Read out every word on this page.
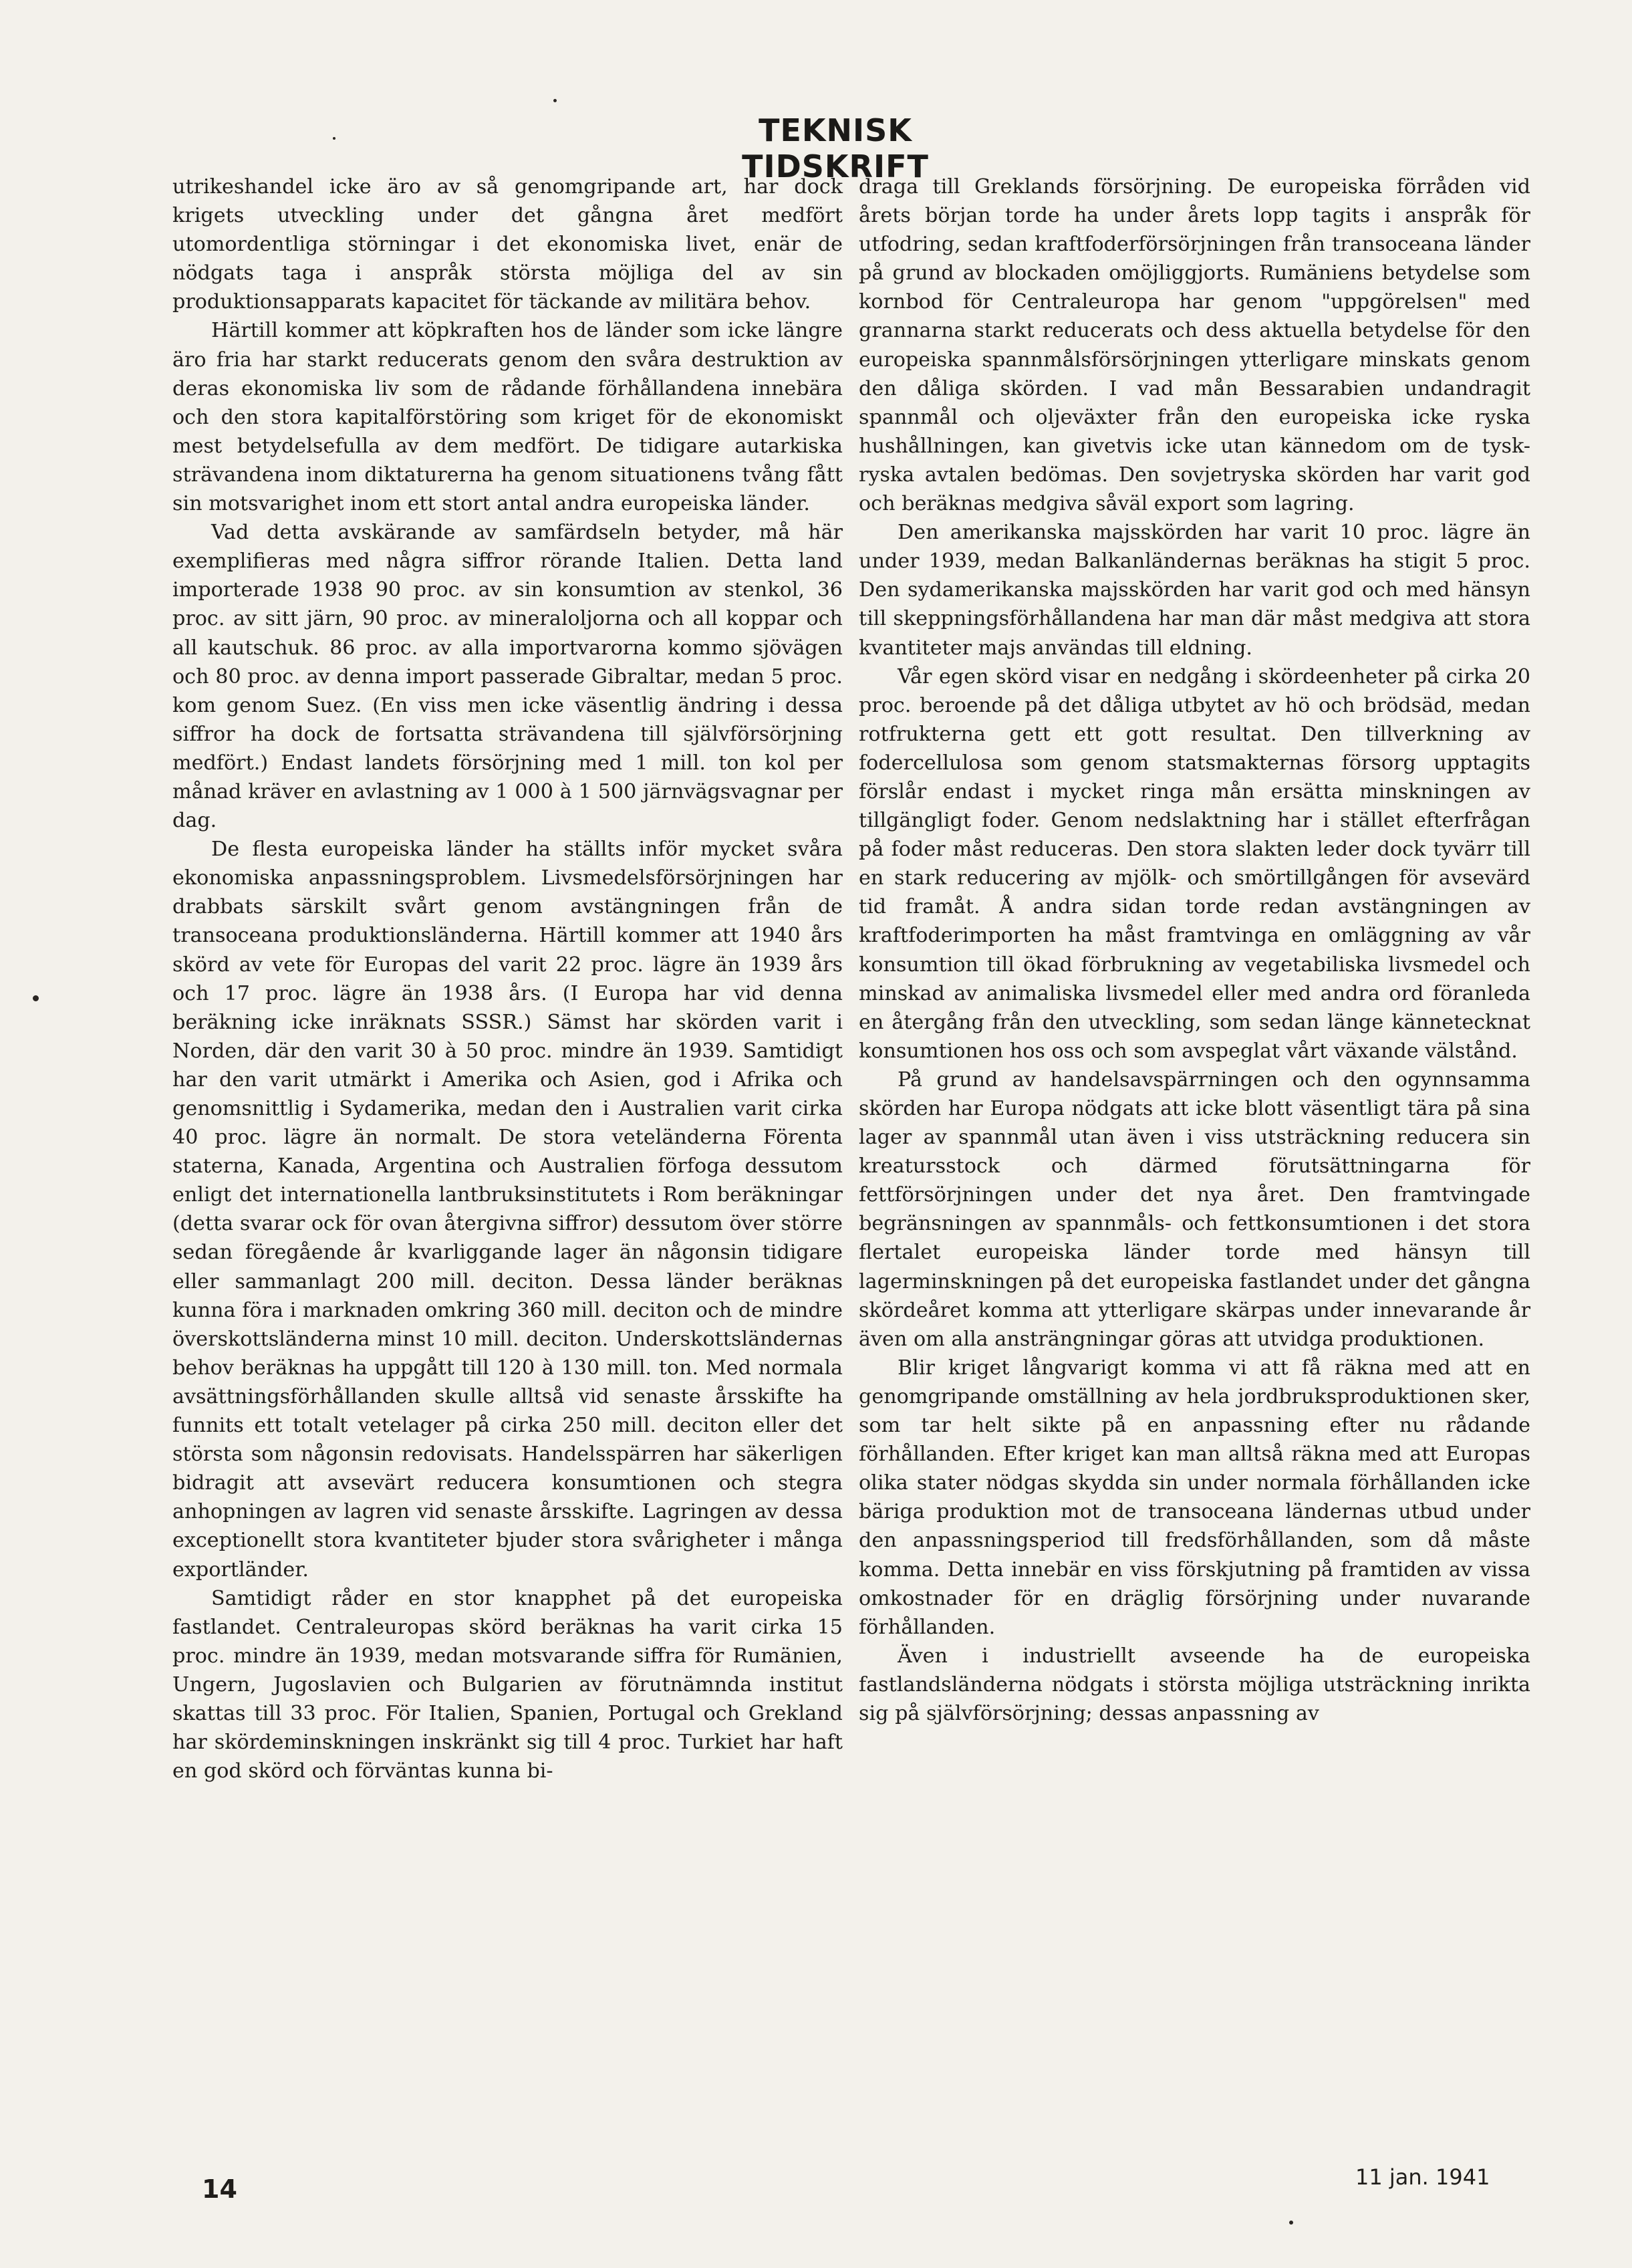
TEKNISK TIDSKRIFT

utrikeshandel icke äro av så genomgripande art, har dock krigets utveckling under det gångna året medfört utomordentliga störningar i det ekonomiska livet, enär de nödgats taga i anspråk största möjliga del av sin produktionsapparats kapacitet för täckande av militära behov.

Härtill kommer att köpkraften hos de länder som icke längre äro fria har starkt reducerats genom den svåra destruktion av deras ekonomiska liv som de rådande förhållandena innebära och den stora kapitalförstöring som kriget för de ekonomiskt mest betydelsefulla av dem medfört. De tidigare autarkiska strävandena inom diktaturerna ha genom situationens tvång fått sin motsvarighet inom ett stort antal andra europeiska länder.

Vad detta avskärande av samfärdseln betyder, må här exemplifieras med några siffror rörande Italien. Detta land importerade 1938 90 proc. av sin konsumtion av stenkol, 36 proc. av sitt järn, 90 proc. av mineraloljorna och all koppar och all kautschuk. 86 proc. av alla importvarorna kommo sjövägen och 80 proc. av denna import passerade Gibraltar, medan 5 proc. kom genom Suez. (En viss men icke väsentlig ändring i dessa siffror ha dock de fortsatta strävandena till självförsörjning medfört.) Endast landets försörjning med 1 mill. ton kol per månad kräver en avlastning av 1 000 à 1 500 järnvägsvagnar per dag.

De flesta europeiska länder ha ställts inför mycket svåra ekonomiska anpassningsproblem. Livsmedelsförsörjningen har drabbats särskilt svårt genom avstängningen från de transoceana produktionsländerna. Härtill kommer att 1940 års skörd av vete för Europas del varit 22 proc. lägre än 1939 års och 17 proc. lägre än 1938 års. (I Europa har vid denna beräkning icke inräknats SSSR.) Sämst har skörden varit i Norden, där den varit 30 à 50 proc. mindre än 1939. Samtidigt har den varit utmärkt i Amerika och Asien, god i Afrika och genomsnittlig i Sydamerika, medan den i Australien varit cirka 40 proc. lägre än normalt. De stora veteländerna Förenta staterna, Kanada, Argentina och Australien förfoga dessutom enligt det internationella lantbruksinstitutets i Rom beräkningar (detta svarar ock för ovan återgivna siffror) dessutom över större sedan föregående år kvarliggande lager än någonsin tidigare eller sammanlagt 200 mill. deciton. Dessa länder beräknas kunna föra i marknaden omkring 360 mill. deciton och de mindre överskottsländerna minst 10 mill. deciton. Underskottsländernas behov beräknas ha uppgått till 120 à 130 mill. ton. Med normala avsättningsförhållanden skulle alltså vid senaste årsskifte ha funnits ett totalt vetelager på cirka 250 mill. deciton eller det största som någonsin redovisats. Handelsspärren har säkerligen bidragit att avsevärt reducera konsumtionen och stegra anhopningen av lagren vid senaste årsskifte. Lagringen av dessa exceptionellt stora kvantiteter bjuder stora svårigheter i många exportländer.

Samtidigt råder en stor knapphet på det europeiska fastlandet. Centraleuropas skörd beräknas ha varit cirka 15 proc. mindre än 1939, medan motsvarande siffra för Rumänien, Ungern, Jugoslavien och Bulgarien av förutnämnda institut skattas till 33 proc. För Italien, Spanien, Portugal och Grekland har skördeminskningen inskränkt sig till 4 proc. Turkiet har haft en god skörd och förväntas kunna bi-

draga till Greklands försörjning. De europeiska förråden vid årets början torde ha under årets lopp tagits i anspråk för utfodring, sedan kraftfoderförsörjningen från transoceana länder på grund av blockaden omöjliggjorts. Rumäniens betydelse som kornbod för Centraleuropa har genom "uppgörelsen" med grannarna starkt reducerats och dess aktuella betydelse för den europeiska spannmålsförsörjningen ytterligare minskats genom den dåliga skörden. I vad mån Bessarabien undandragit spannmål och oljeväxter från den europeiska icke ryska hushållningen, kan givetvis icke utan kännedom om de tysk-ryska avtalen bedömas. Den sovjetryska skörden har varit god och beräknas medgiva såväl export som lagring.

Den amerikanska majsskörden har varit 10 proc. lägre än under 1939, medan Balkanländernas beräknas ha stigit 5 proc. Den sydamerikanska majsskörden har varit god och med hänsyn till skeppningsförhållandena har man där måst medgiva att stora kvantiteter majs användas till eldning.

Vår egen skörd visar en nedgång i skördeenheter på cirka 20 proc. beroende på det dåliga utbytet av hö och brödsäd, medan rotfrukterna gett ett gott resultat. Den tillverkning av fodercellulosa som genom statsmakternas försorg upptagits förslår endast i mycket ringa mån ersätta minskningen av tillgängligt foder. Genom nedslaktning har i stället efterfrågan på foder måst reduceras. Den stora slakten leder dock tyvärr till en stark reducering av mjölk- och smörtillgången för avsevärd tid framåt. Å andra sidan torde redan avstängningen av kraftfoderimporten ha måst framtvinga en omläggning av vår konsumtion till ökad förbrukning av vegetabiliska livsmedel och minskad av animaliska livsmedel eller med andra ord föranleda en återgång från den utveckling, som sedan länge kännetecknat konsumtionen hos oss och som avspeglat vårt växande välstånd.

På grund av handelsavspärrningen och den ogynnsamma skörden har Europa nödgats att icke blott väsentligt tära på sina lager av spannmål utan även i viss utsträckning reducera sin kreatursstock och därmed förutsättningarna för fettförsörjningen under det nya året. Den framtvingade begränsningen av spannmåls- och fettkonsumtionen i det stora flertalet europeiska länder torde med hänsyn till lagerminskningen på det europeiska fastlandet under det gångna skördeåret komma att ytterligare skärpas under innevarande år även om alla ansträngningar göras att utvidga produktionen.

Blir kriget långvarigt komma vi att få räkna med att en genomgripande omställning av hela jordbruksproduktionen sker, som tar helt sikte på en anpassning efter nu rådande förhållanden. Efter kriget kan man alltså räkna med att Europas olika stater nödgas skydda sin under normala förhållanden icke bäriga produktion mot de transoceana ländernas utbud under den anpassningsperiod till fredsförhållanden, som då måste komma. Detta innebär en viss förskjutning på framtiden av vissa omkostnader för en dräglig försörjning under nuvarande förhållanden.

Även i industriellt avseende ha de europeiska fastlandsländerna nödgats i största möjliga utsträckning inrikta sig på självförsörjning; dessas anpassning av

14	11 jan. 1941
